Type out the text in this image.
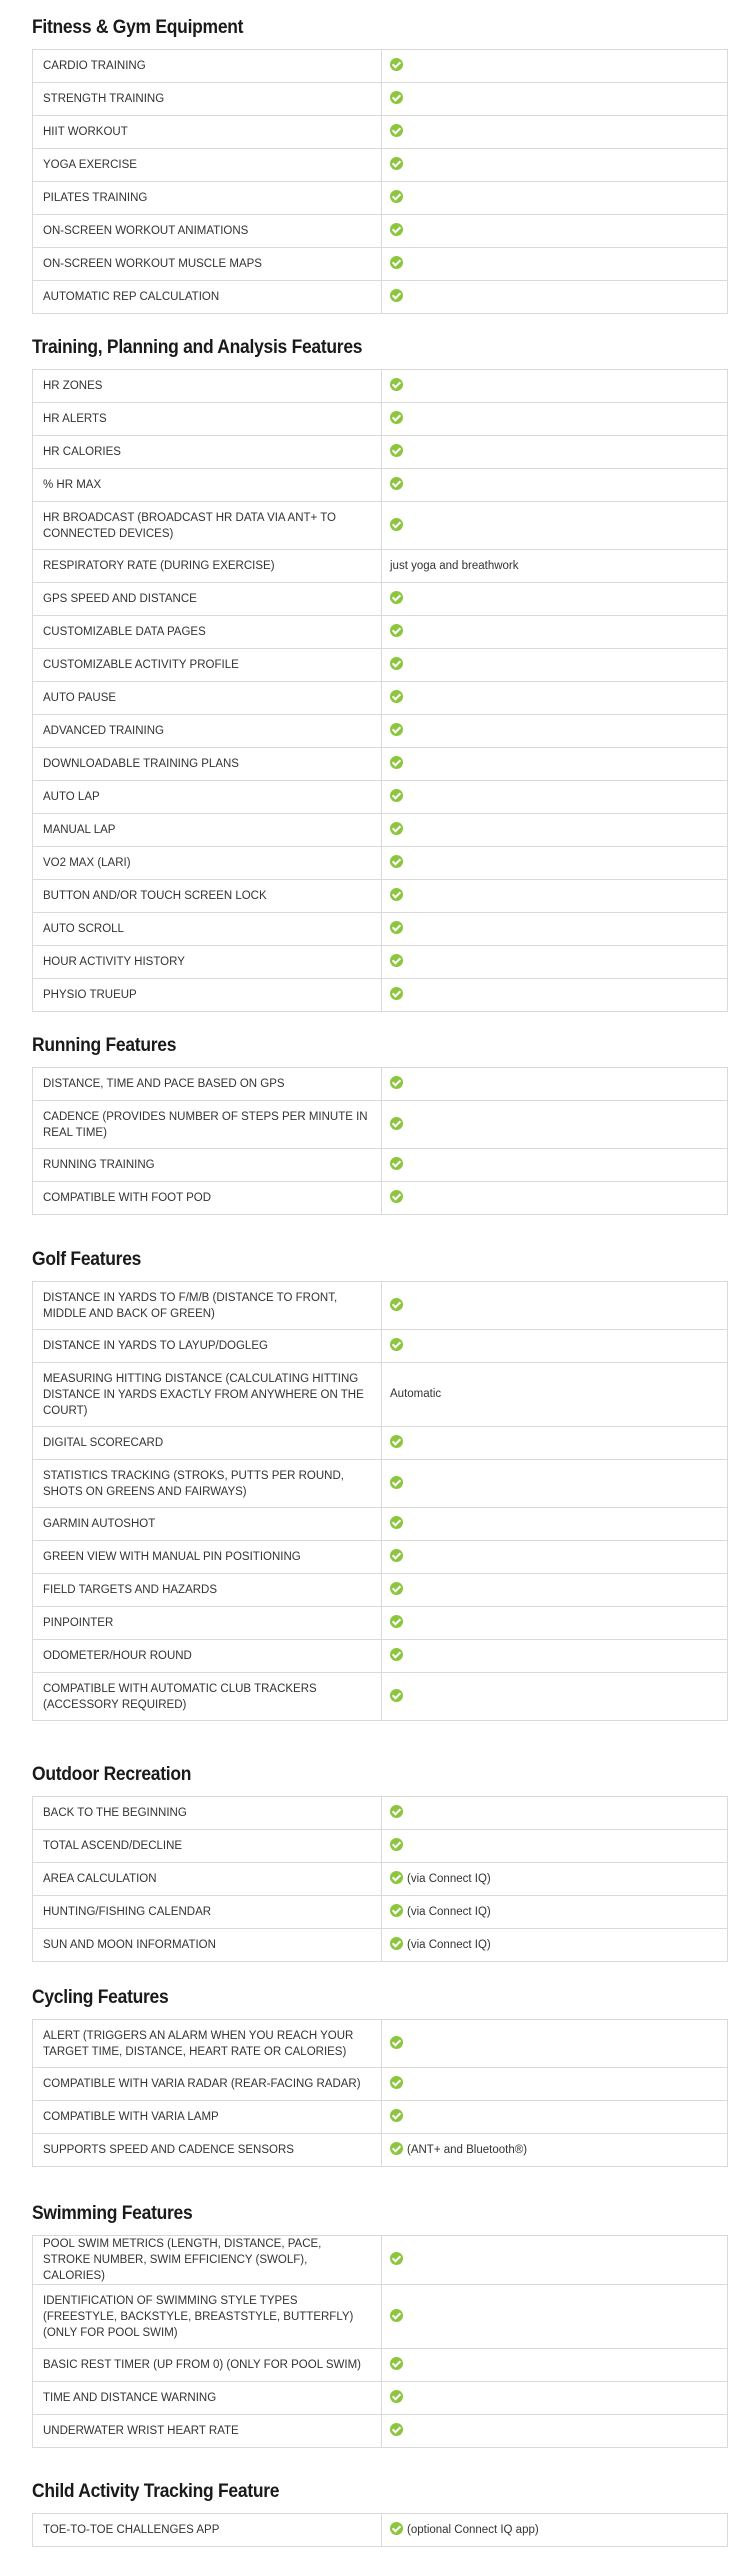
Fitness & Gym Equipment
CARDIO TRAINING	
STRENGTH TRAINING	
HIIT WORKOUT	
YOGA EXERCISE	
PILATES TRAINING	
ON-SCREEN WORKOUT ANIMATIONS	
ON-SCREEN WORKOUT MUSCLE MAPS	
AUTOMATIC REP CALCULATION	
Training, Planning and Analysis Features
HR ZONES	
HR ALERTS	
HR CALORIES	
% HR MAX	
HR BROADCAST (BROADCAST HR DATA VIA ANT+ TO CONNECTED DEVICES)	
RESPIRATORY RATE (DURING EXERCISE)	just yoga and breathwork
GPS SPEED AND DISTANCE	
CUSTOMIZABLE DATA PAGES	
CUSTOMIZABLE ACTIVITY PROFILE	
AUTO PAUSE	
ADVANCED TRAINING	
DOWNLOADABLE TRAINING PLANS	
AUTO LAP	
MANUAL LAP	
VO2 MAX (LARI)	
BUTTON AND/OR TOUCH SCREEN LOCK	
AUTO SCROLL	
HOUR ACTIVITY HISTORY	
PHYSIO TRUEUP	
Running Features
DISTANCE, TIME AND PACE BASED ON GPS	
CADENCE (PROVIDES NUMBER OF STEPS PER MINUTE IN REAL TIME)	
RUNNING TRAINING	
COMPATIBLE WITH FOOT POD	
Golf Features
DISTANCE IN YARDS TO F/M/B (DISTANCE TO FRONT, MIDDLE AND BACK OF GREEN)	
DISTANCE IN YARDS TO LAYUP/DOGLEG	
MEASURING HITTING DISTANCE (CALCULATING HITTING DISTANCE IN YARDS EXACTLY FROM ANYWHERE ON THE COURT)	Automatic
DIGITAL SCORECARD	
STATISTICS TRACKING (STROKS, PUTTS PER ROUND, SHOTS ON GREENS AND FAIRWAYS)	
GARMIN AUTOSHOT	
GREEN VIEW WITH MANUAL PIN POSITIONING	
FIELD TARGETS AND HAZARDS	
PINPOINTER	
ODOMETER/HOUR ROUND	
COMPATIBLE WITH AUTOMATIC CLUB TRACKERS (ACCESSORY REQUIRED)	
Outdoor Recreation
BACK TO THE BEGINNING	
TOTAL ASCEND/DECLINE	
AREA CALCULATION	(via Connect IQ)
HUNTING/FISHING CALENDAR	(via Connect IQ)
SUN AND MOON INFORMATION	(via Connect IQ)
Cycling Features
ALERT (TRIGGERS AN ALARM WHEN YOU REACH YOUR TARGET TIME, DISTANCE, HEART RATE OR CALORIES)	
COMPATIBLE WITH VARIA RADAR (REAR-FACING RADAR)	
COMPATIBLE WITH VARIA LAMP	
SUPPORTS SPEED AND CADENCE SENSORS	(ANT+ and Bluetooth®)
Swimming Features
POOL SWIM METRICS (LENGTH, DISTANCE, PACE, STROKE NUMBER, SWIM EFFICIENCY (SWOLF), CALORIES)	
IDENTIFICATION OF SWIMMING STYLE TYPES (FREESTYLE, BACKSTYLE, BREASTSTYLE, BUTTERFLY) (ONLY FOR POOL SWIM)	
BASIC REST TIMER (UP FROM 0) (ONLY FOR POOL SWIM)	
TIME AND DISTANCE WARNING	
UNDERWATER WRIST HEART RATE	
Child Activity Tracking Feature
TOE-TO-TOE CHALLENGES APP	(optional Connect IQ app)
